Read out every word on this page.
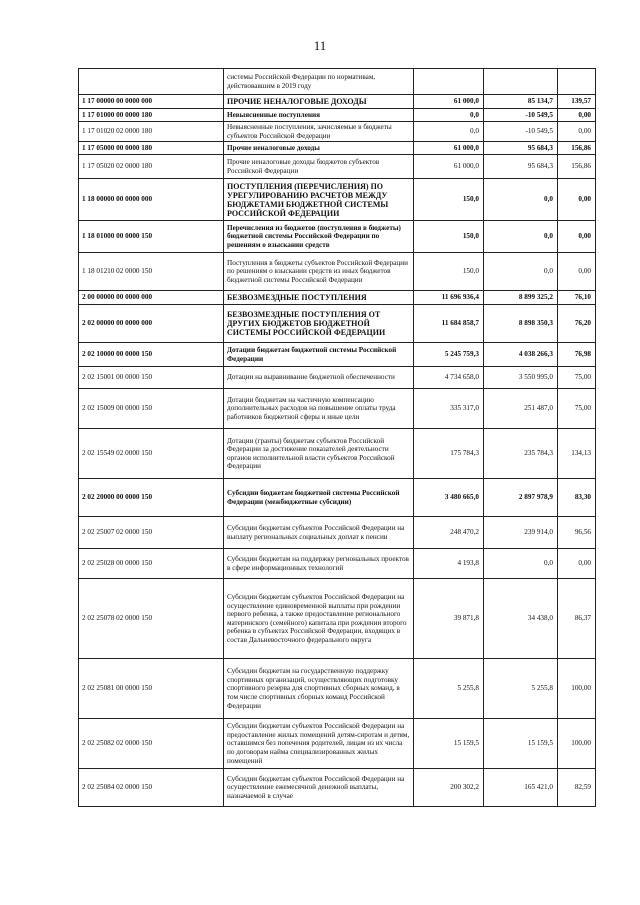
11
	системы Российской Федерации по нормативам, действовавшим в 2019 году			
1 17 00000 00 0000 000	ПРОЧИЕ НЕНАЛОГОВЫЕ ДОХОДЫ	61 000,0	85 134,7	139,57
1 17 01000 00 0000 180	Невыясненные поступления	0,0	-10 549,5	0,00
1 17 01020 02 0000 180	Невыясненные поступления, зачисляемые в бюджеты субъектов Российской Федерации	0,0	-10 549,5	0,00
1 17 05000 00 0000 180	Прочие неналоговые доходы	61 000,0	95 684,3	156,86
1 17 05020 02 0000 180	Прочие неналоговые доходы бюджетов субъектов Российской Федерации	61 000,0	95 684,3	156,86
1 18 00000 00 0000 000	ПОСТУПЛЕНИЯ (ПЕРЕЧИСЛЕНИЯ) ПО УРЕГУЛИРОВАНИЮ РАСЧЕТОВ МЕЖДУ БЮДЖЕТАМИ БЮДЖЕТНОЙ СИСТЕМЫ РОССИЙСКОЙ ФЕДЕРАЦИИ	150,0	0,0	0,00
1 18 01000 00 0000 150	Перечисления из бюджетов (поступления в бюджеты) бюджетной системы Российской Федерации по решениям о взыскании средств	150,0	0,0	0,00
1 18 01210 02 0000 150	Поступления в бюджеты субъектов Российской Федерации по решениям о взыскании средств из иных бюджетов бюджетной системы Российской Федерации	150,0	0,0	0,00
2 00 00000 00 0000 000	БЕЗВОЗМЕЗДНЫЕ ПОСТУПЛЕНИЯ	11 696 936,4	8 899 325,2	76,10
2 02 00000 00 0000 000	БЕЗВОЗМЕЗДНЫЕ ПОСТУПЛЕНИЯ ОТ ДРУГИХ БЮДЖЕТОВ БЮДЖЕТНОЙ СИСТЕМЫ РОССИЙСКОЙ ФЕДЕРАЦИИ	11 684 858,7	8 898 350,3	76,20
2 02 10000 00 0000 150	Дотации бюджетам бюджетной системы Российской Федерации	5 245 759,3	4 038 266,3	76,98
2 02 15001 00 0000 150	Дотации на выравнивание бюджетной обеспеченности	4 734 658,0	3 550 995,0	75,00
2 02 15009 00 0000 150	Дотации бюджетам на частичную компенсацию дополнительных расходов на повышение оплаты труда работников бюджетной сферы и иные цели	335 317,0	251 487,0	75,00
2 02 15549 02 0000 150	Дотации (гранты) бюджетам субъектов Российской Федерации за достижение показателей деятельности органов исполнительной власти субъектов Российской Федерации	175 784,3	235 784,3	134,13
2 02 20000 00 0000 150	Субсидии бюджетам бюджетной системы Российской Федерации (межбюджетные субсидии)	3 480 665,0	2 897 978,9	83,30
2 02 25007 02 0000 150	Субсидии бюджетам субъектов Российской Федерации на выплату региональных социальных доплат к пенсии	248 470,2	239 914,0	96,56
2 02 25028 00 0000 150	Субсидии бюджетам на поддержку региональных проектов в сфере информационных технологий	4 193,8	0,0	0,00
2 02 25078 02 0000 150	Субсидии бюджетам субъектов Российской Федерации на осуществление единовременной выплаты при рождении первого ребенка, а также предоставление регионального материнского (семейного) капитала при рождении второго ребенка в субъектах Российской Федерации, входящих в состав Дальневосточного федерального округа	39 871,8	34 438,0	86,37
2 02 25081 00 0000 150	Субсидии бюджетам на государственную поддержку спортивных организаций, осуществляющих подготовку спортивного резерва для спортивных сборных команд, в том числе спортивных сборных команд Российской Федерации	5 255,8	5 255,8	100,00
2 02 25082 02 0000 150	Субсидии бюджетам субъектов Российской Федерации на предоставление жилых помещений детям-сиротам и детям, оставшимся без попечения родителей, лицам из их числа по договорам найма специализированных жилых помещений	15 159,5	15 159,5	100,00
2 02 25084 02 0000 150	Субсидии бюджетам субъектов Российской Федерации на осуществление ежемесячной денежной выплаты, назначаемой в случае	200 302,2	165 421,0	82,59
